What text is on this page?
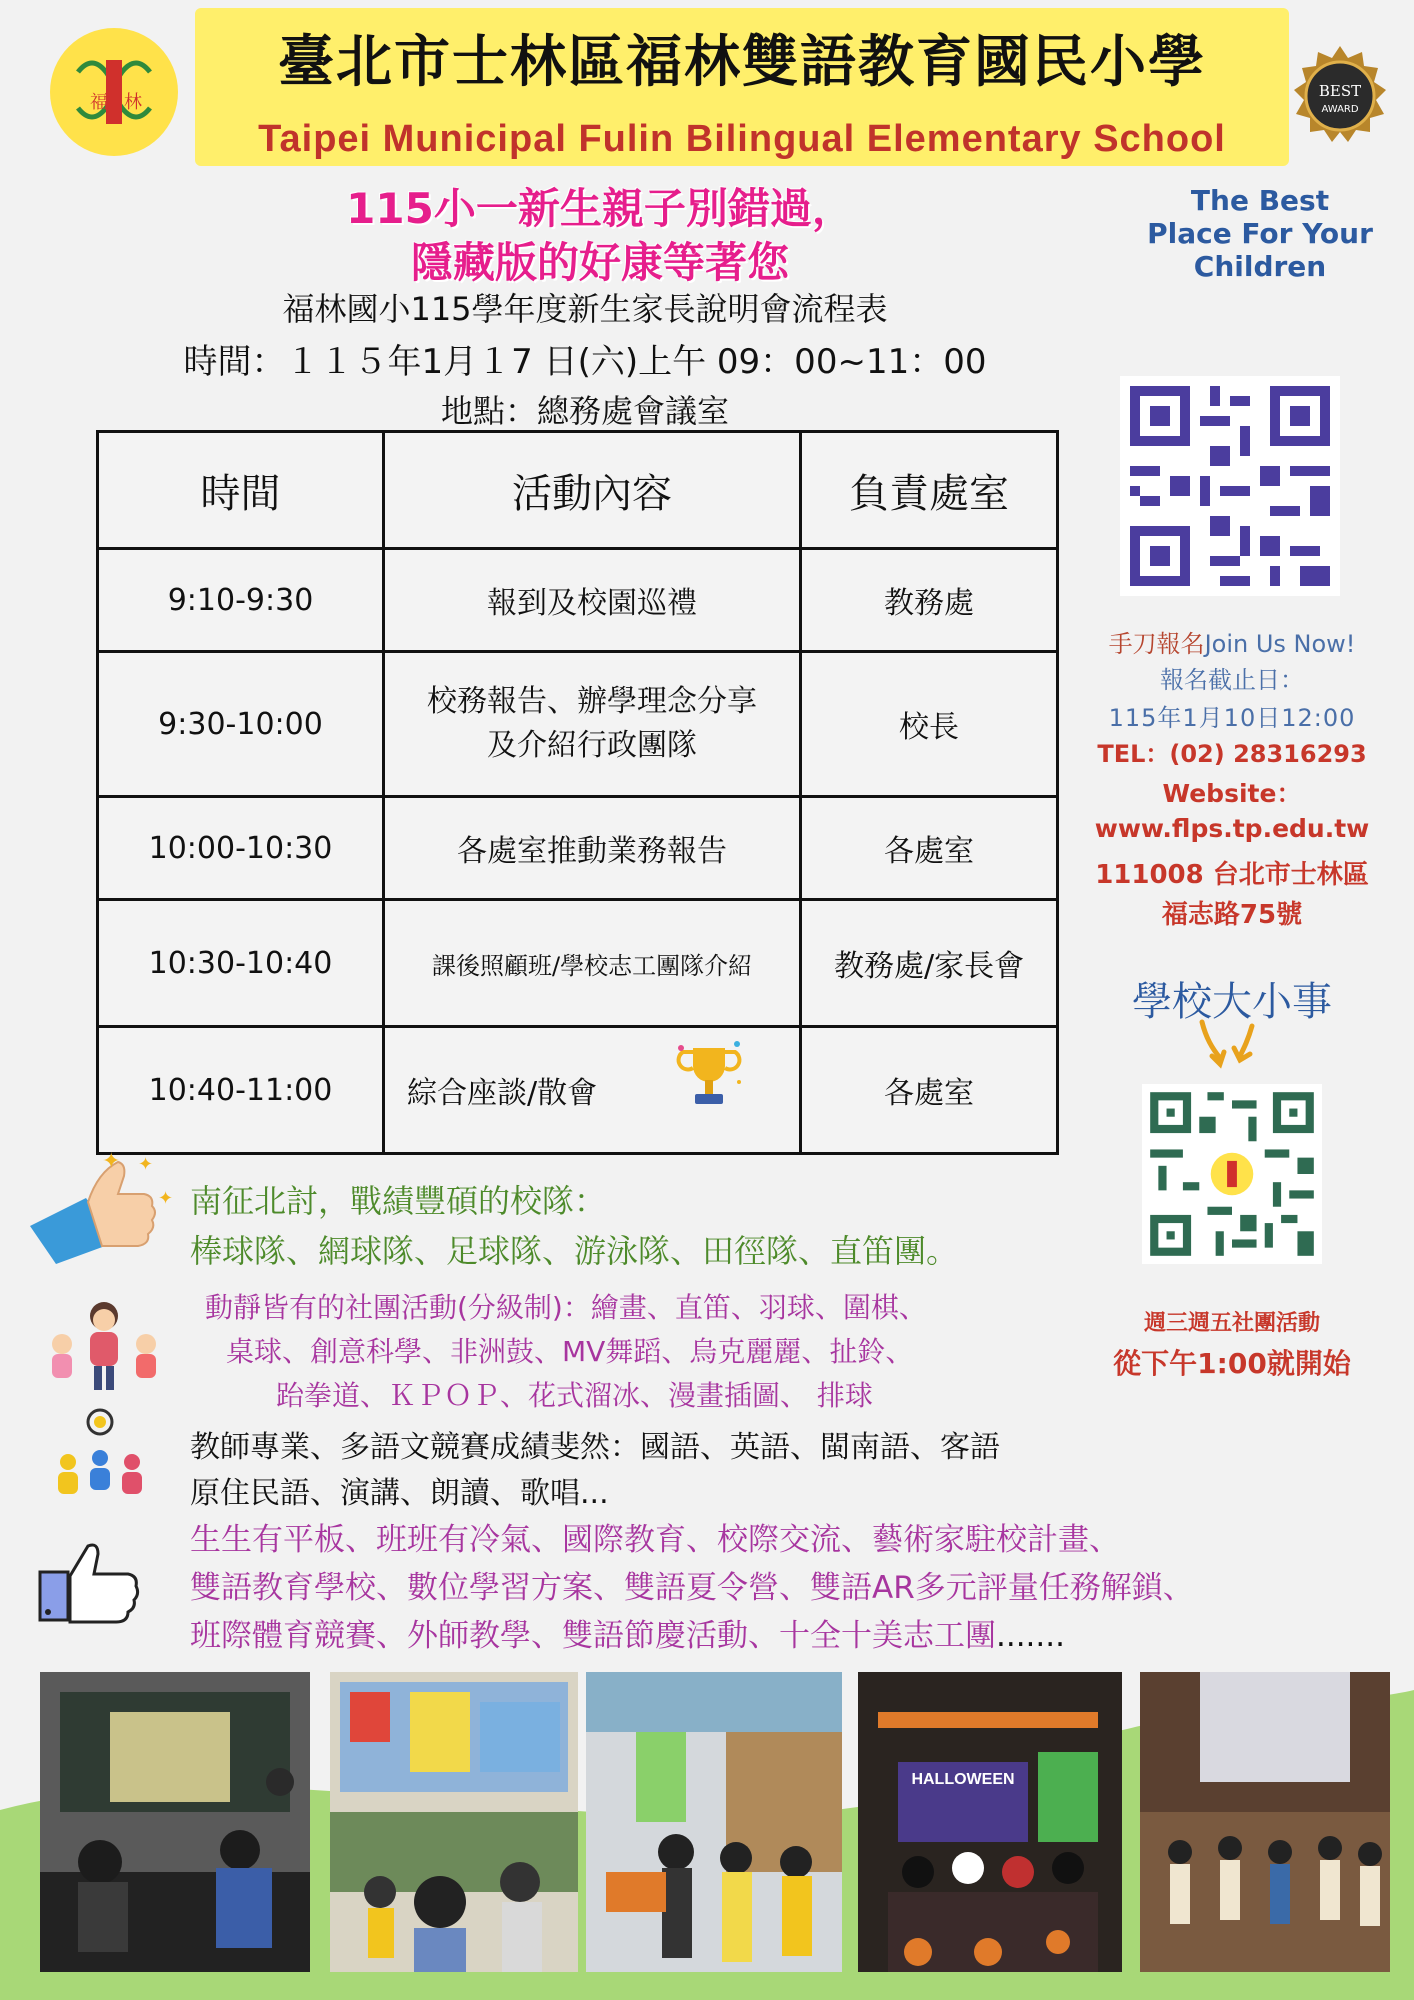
臺北市士林區福林雙語教育國民小學
Taipei Municipal Fulin Bilingual Elementary School
福 林
BEST
AWARD
115小一新生親子別錯過，
隱藏版的好康等著您
The Best
Place For Your
Children
福林國小115學年度新生家長說明會流程表
時間：１１５年1月１7 日(六)上午 09：00~11：00
地點：總務處會議室
時間	活動內容	負責處室
9:10-9:30	報到及校園巡禮	教務處
9:30-10:00	校務報告、辦學理念分享
及介紹行政團隊	校長
10:00-10:30	各處室推動業務報告	各處室
10:30-10:40	課後照顧班/學校志工團隊介紹	教務處/家長會
10:40-11:00	綜合座談/散會	各處室
手刀報名Join Us Now!
報名截止日：
115年1月10日12:00
TEL：(02) 28316293
Website：
www.flps.tp.edu.tw
111008 台北市士林區
福志路75號
學校大小事
週三週五社團活動
從下午1:00就開始
✦ ✦
✦ 南征北討，戰績豐碩的校隊：
棒球隊、網球隊、足球隊、游泳隊、田徑隊、直笛團。
動靜皆有的社團活動(分級制)：繪畫、直笛、羽球、圍棋、
桌球、創意科學、非洲鼓、MV舞蹈、烏克麗麗、扯鈴、
跆拳道、ＫＰＯＰ、花式溜冰、漫畫插圖、 排球
教師專業、多語文競賽成績斐然：國語、英語、閩南語、客語
原住民語、演講、朗讀、歌唱...
生生有平板、班班有冷氣、國際教育、校際交流、藝術家駐校計畫、
雙語教育學校、數位學習方案、雙語夏令營、雙語AR多元評量任務解鎖、
班際體育競賽、外師教學、雙語節慶活動、十全十美志工團.......
HALLOWEEN
